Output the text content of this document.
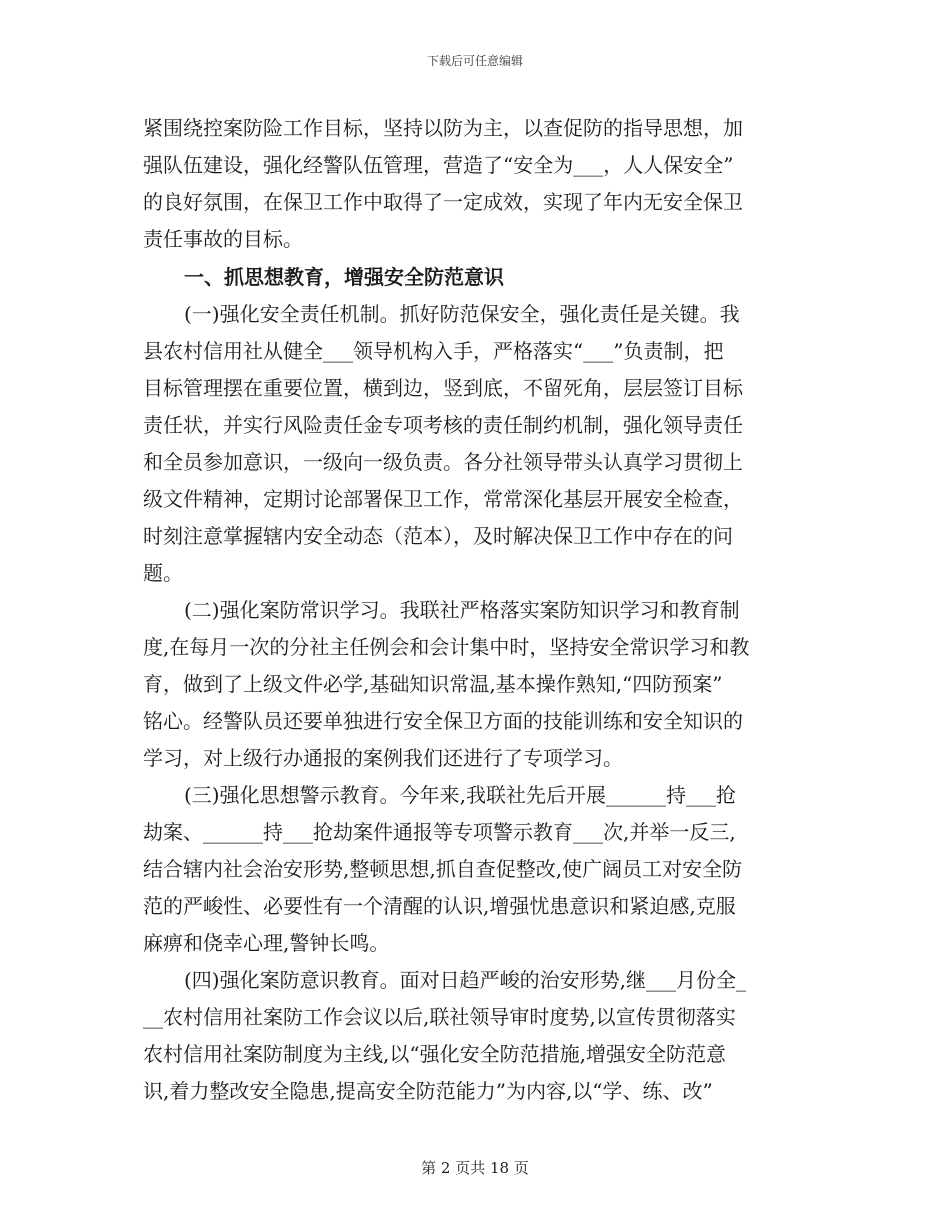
下载后可任意编辑
紧围绕控案防险工作目标，坚持以防为主，以查促防的指导思想，加
强队伍建设，强化经警队伍管理，营造了“安全为___，人人保安全”
的良好氛围，在保卫工作中取得了一定成效，实现了年内无安全保卫
责任事故的目标。
一、抓思想教育，增强安全防范意识
(一)强化安全责任机制。抓好防范保安全，强化责任是关键。我
县农村信用社从健全___领导机构入手，严格落实“___”负责制，把
目标管理摆在重要位置，横到边，竖到底，不留死角，层层签订目标
责任状，并实行风险责任金专项考核的责任制约机制，强化领导责任
和全员参加意识，一级向一级负责。各分社领导带头认真学习贯彻上
级文件精神，定期讨论部署保卫工作，常常深化基层开展安全检查，
时刻注意掌握辖内安全动态（范本），及时解决保卫工作中存在的问
题。
(二)强化案防常识学习。我联社严格落实案防知识学习和教育制
度,在每月一次的分社主任例会和会计集中时，坚持安全常识学习和教
育，做到了上级文件必学,基础知识常温,基本操作熟知,“四防预案”
铭心。经警队员还要单独进行安全保卫方面的技能训练和安全知识的
学习，对上级行办通报的案例我们还进行了专项学习。
(三)强化思想警示教育。今年来,我联社先后开展______持___抢
劫案、______持___抢劫案件通报等专项警示教育___次,并举一反三,
结合辖内社会治安形势,整顿思想,抓自查促整改,使广阔员工对安全防
范的严峻性、必要性有一个清醒的认识,增强忧患意识和紧迫感,克服
麻痹和侥幸心理,警钟长鸣。
(四)强化案防意识教育。面对日趋严峻的治安形势,继___月份全_
__农村信用社案防工作会议以后,联社领导审时度势,以宣传贯彻落实
农村信用社案防制度为主线,以“强化安全防范措施,增强安全防范意
识,着力整改安全隐患,提高安全防范能力”为内容,以“学、练、改”
第 2 页共 18 页
